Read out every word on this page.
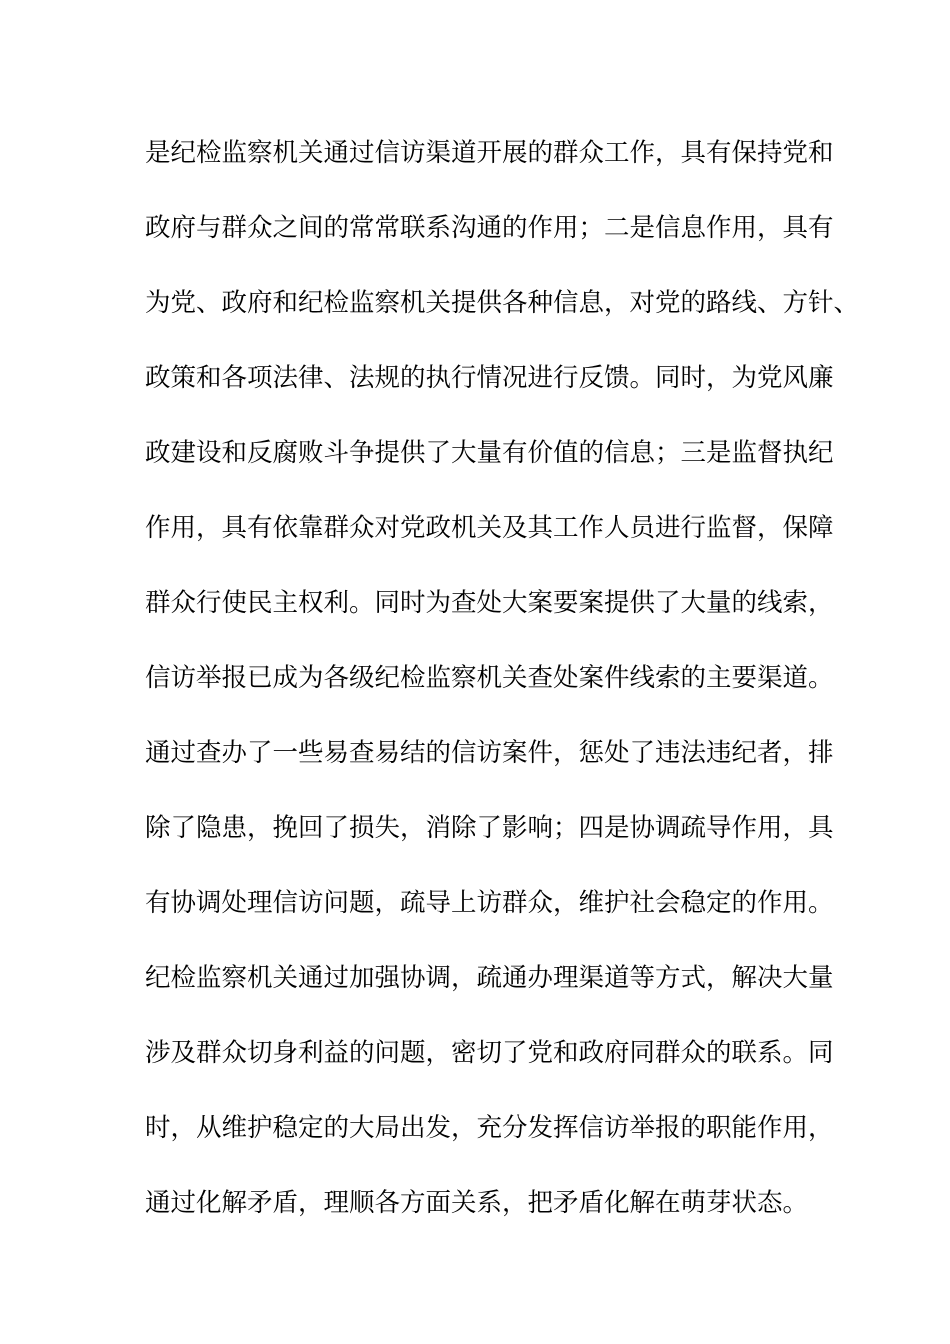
是纪检监察机关通过信访渠道开展的群众工作，具有保持党和
政府与群众之间的常常联系沟通的作用；二是信息作用，具有
为党、政府和纪检监察机关提供各种信息，对党的路线、方针、
政策和各项法律、法规的执行情况进行反馈。同时，为党风廉
政建设和反腐败斗争提供了大量有价值的信息；三是监督执纪
作用，具有依靠群众对党政机关及其工作人员进行监督，保障
群众行使民主权利。同时为查处大案要案提供了大量的线索，
信访举报已成为各级纪检监察机关查处案件线索的主要渠道。
通过查办了一些易查易结的信访案件，惩处了违法违纪者，排
除了隐患，挽回了损失，消除了影响；四是协调疏导作用，具
有协调处理信访问题，疏导上访群众，维护社会稳定的作用。
纪检监察机关通过加强协调，疏通办理渠道等方式，解决大量
涉及群众切身利益的问题，密切了党和政府同群众的联系。同
时，从维护稳定的大局出发，充分发挥信访举报的职能作用，
通过化解矛盾，理顺各方面关系，把矛盾化解在萌芽状态。
